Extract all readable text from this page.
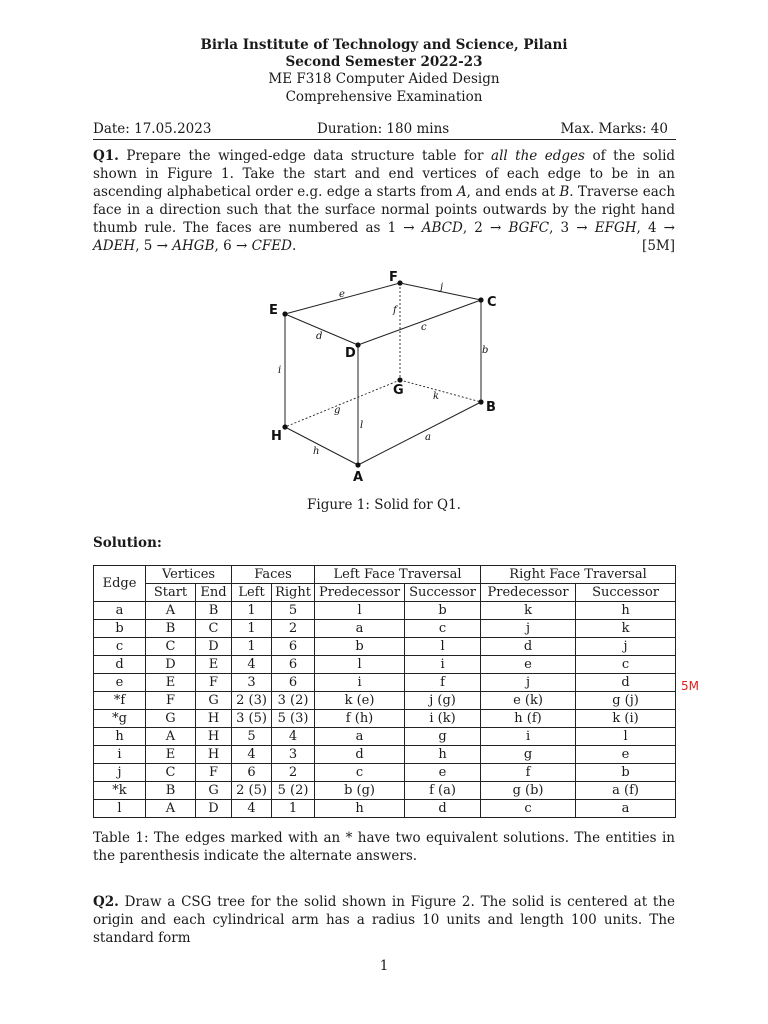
Birla Institute of Technology and Science, Pilani
Second Semester 2022-23
ME F318 Computer Aided Design
Comprehensive Examination
Date: 17.05.2023	Duration: 180 mins	Max. Marks: 40
Q1. Prepare the winged-edge data structure table for all the edges of the solid shown in Figure 1. Take the start and end vertices of each edge to be in an ascending alphabetical order e.g. edge a starts from A, and ends at B. Traverse each face in a direction such that the surface normal points outwards by the right hand thumb rule. The faces are numbered as 1 → ABCD, 2 → BGFC, 3 → EFGH, 4 → ADEH, 5 → AHGB, 6 → CFED.	[5M]
E
F
C
D
G
B
H
A
e
j
f
c
d
b
i
g
k
l
a
h
Figure 1: Solid for Q1.
Solution:
Edge	Vertices		Faces		Left Face Traversal		Right Face Traversal	
	Start	End	Left	Right	Predecessor	Successor	Predecessor	Successor
a	A	B	1	5	l	b	k	h
b	B	C	1	2	a	c	j	k
c	C	D	1	6	b	l	d	j
d	D	E	4	6	l	i	e	c
e	E	F	3	6	i	f	j	d
*f	F	G	2 (3)	3 (2)	k (e)	j (g)	e (k)	g (j)
*g	G	H	3 (5)	5 (3)	f (h)	i (k)	h (f)	k (i)
h	A	H	5	4	a	g	i	l
i	E	H	4	3	d	h	g	e
j	C	F	6	2	c	e	f	b
*k	B	G	2 (5)	5 (2)	b (g)	f (a)	g (b)	a (f)
l	A	D	4	1	h	d	c	a
5M
Table 1: The edges marked with an * have two equivalent solutions. The entities in the parenthesis indicate the alternate answers.
Q2. Draw a CSG tree for the solid shown in Figure 2. The solid is centered at the origin and each cylindrical arm has a radius 10 units and length 100 units. The standard form
1
